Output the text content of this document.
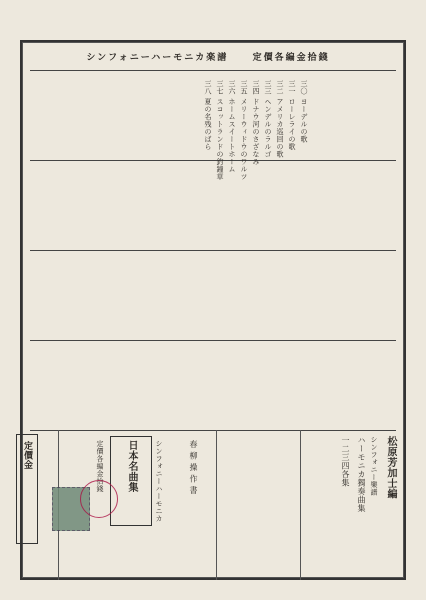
シンフォニーハーモニカ楽譜	定價各編金拾錢
三〇 ヨーデルの歌
三一 ローレライの歌
三二 アメリカ巡回の歌
三三 ヘンデルのラルゴ
三四 ドナウ河のさざなみ
三五 メリーウィドウのワルツ
三六 ホームスイートホーム
三七 スコットランドの釣鐘草
三八 夏の名残のばら
日本名曲集	シンフォニーハーモニカ	春 柳 操 作 書
定價各編金拾錢	松原芳加士編
シンフォニー樂譜
ハーモニカ獨奏曲集
一二三四各集
定價金
